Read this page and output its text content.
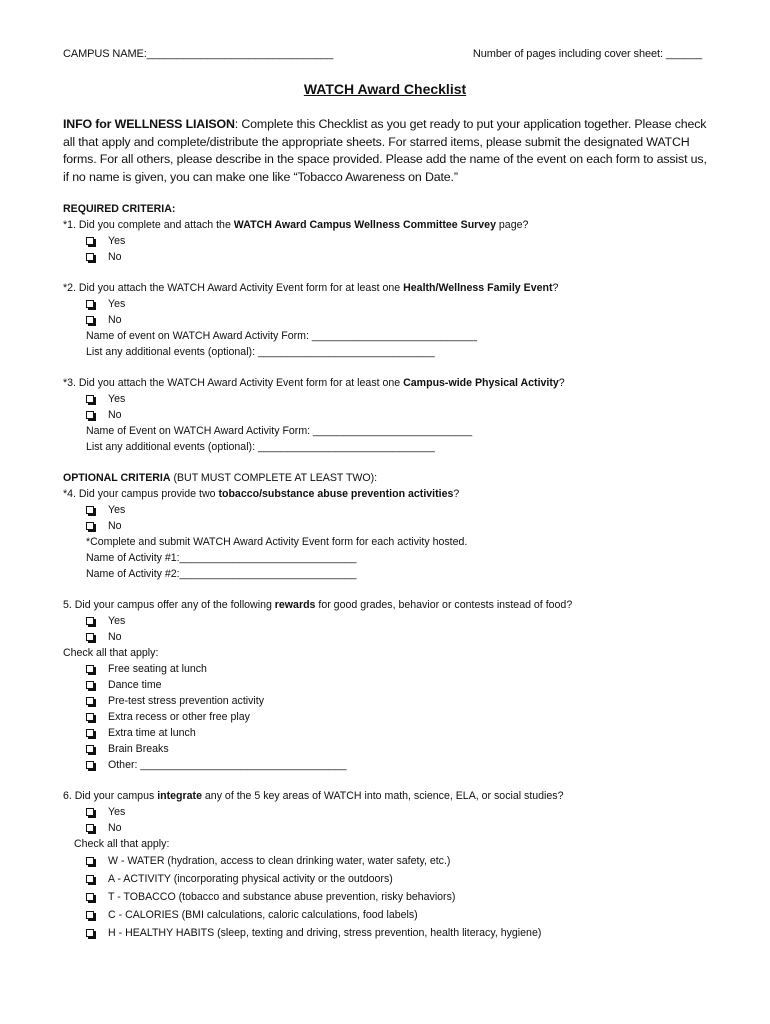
CAMPUS NAME:_______________________________	Number of pages including cover sheet: ______
WATCH Award Checklist
INFO for WELLNESS LIAISON: Complete this Checklist as you get ready to put your application together. Please check all that apply and complete/distribute the appropriate sheets. For starred items, please submit the designated WATCH forms. For all others, please describe in the space provided. Please add the name of the event on each form to assist us, if no name is given, you can make one like “Tobacco Awareness on Date.”
REQUIRED CRITERIA:
*1. Did you complete and attach the WATCH Award Campus Wellness Committee Survey page?
Yes
No
*2. Did you attach the WATCH Award Activity Event form for at least one Health/Wellness Family Event?
Yes
No
Name of event on WATCH Award Activity Form: ____________________________
List any additional events (optional): ______________________________
*3. Did you attach the WATCH Award Activity Event form for at least one Campus-wide Physical Activity?
Yes
No
Name of Event on WATCH Award Activity Form: ___________________________
List any additional events (optional): ______________________________
OPTIONAL CRITERIA (BUT MUST COMPLETE AT LEAST TWO):
*4. Did your campus provide two tobacco/substance abuse prevention activities?
Yes
No
*Complete and submit WATCH Award Activity Event form for each activity hosted.
Name of Activity #1:______________________________
Name of Activity #2:______________________________
5. Did your campus offer any of the following rewards for good grades, behavior or contests instead of food?
Yes
No
Check all that apply:
Free seating at lunch
Dance time
Pre-test stress prevention activity
Extra recess or other free play
Extra time at lunch
Brain Breaks
Other: ___________________________________
6. Did your campus integrate any of the 5 key areas of WATCH into math, science, ELA, or social studies?
Yes
No
Check all that apply:
W - WATER (hydration, access to clean drinking water, water safety, etc.)
A - ACTIVITY (incorporating physical activity or the outdoors)
T - TOBACCO (tobacco and substance abuse prevention, risky behaviors)
C - CALORIES (BMI calculations, caloric calculations, food labels)
H - HEALTHY HABITS (sleep, texting and driving, stress prevention, health literacy, hygiene)
